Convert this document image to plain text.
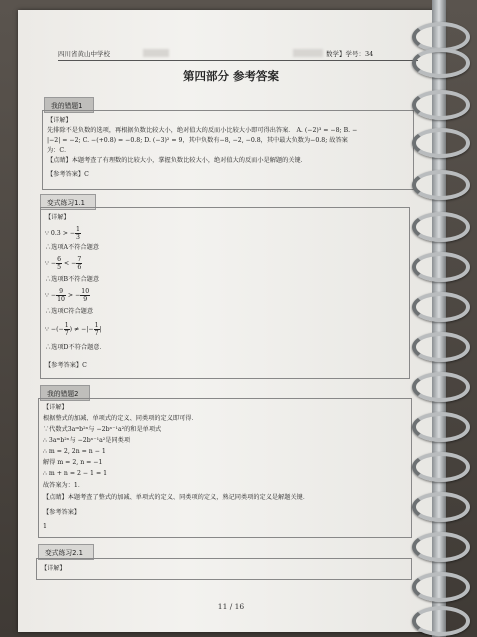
四川省黄山中学校	数学】学号：34
第四部分 参考答案
我的错题1
【详解】
先排除不是负数的选项，再根据负数比较大小，绝对值大的反而小比较大小即可得出答案． A. (−2)³ = −8; B. −
|−2| = −2; C. −(+0.8) = −0.8; D. (−3)² = 9，其中负数有−8, −2, −0.8，其中最大负数为−0.8; 故答案
为：C．
【点睛】本题考查了有理数的比较大小，掌握负数比较大小，绝对值大的反而小是解题的关键．
【参考答案】C
变式练习1.1
【详解】
∵ 0.3 > − $\frac{1}{3}$
∴选项A不符合题意
∵ − $\frac{6}{5}$ < − $\frac{7}{6}$
∴选项B不符合题意
∵ − $\frac{9}{10}$ > − $\frac{10}{9}$
∴选项C符合题意
∵ −(− $\frac{1}{7}$ ) ≠ −|− $\frac{1}{7}$ |
∴选项D不符合题意．
【参考答案】C
我的错题2
【详解】
根据整式的加减、单项式的定义、同类项的定义即可得．
∵代数式3aᵐb²ⁿ与 −2bⁿ⁻¹a²的和是单项式
∴ 3aᵐb²ⁿ与 −2bⁿ⁻¹a²是同类项
∴ m = 2, 2n = n − 1
解得 m = 2, n = −1
∴ m + n = 2 − 1 = 1
故答案为：1．
【点睛】本题考查了整式的加减、单项式的定义、同类项的定义，熟记同类项的定义是解题关键．
【参考答案】
1
变式练习2.1
【详解】
11 / 16
